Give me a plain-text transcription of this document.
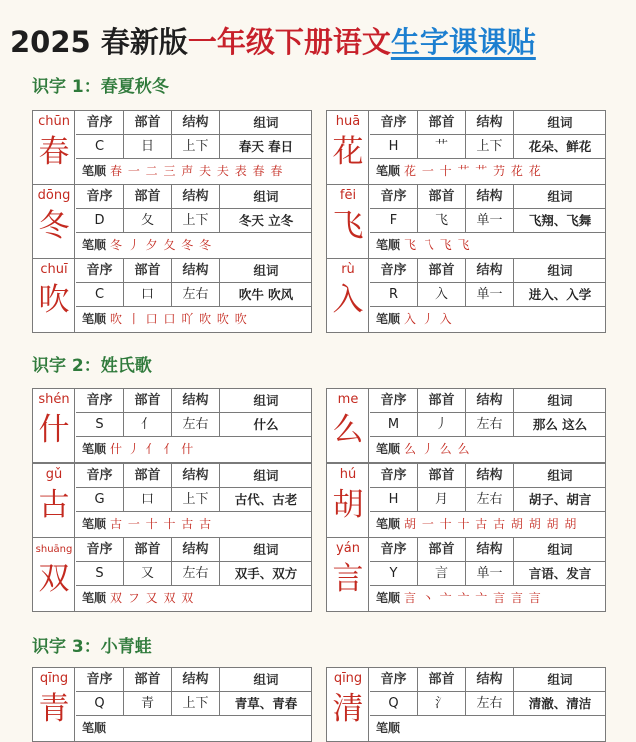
2025 春新版一年级下册语文生字课课贴
识字 1：春夏秋冬
识字 2：姓氏歌
识字 3：小青蛙
chūn
春
音序	部首	结构	组词
C	日	上下	春天 春日
笔顺 春 一 二 三 声 夫 夫 表 春 春
huā
花
音序	部首	结构	组词
H	艹	上下	花朵、鲜花
笔顺 花 一 十 艹 艹 芀 花 花
dōng
冬
音序	部首	结构	组词
D	夂	上下	冬天 立冬
笔顺 冬 丿 夕 夂 冬 冬
fēi
飞
音序	部首	结构	组词
F	飞	单一	飞翔、飞舞
笔顺 飞 乁 飞 飞
chuī
吹
音序	部首	结构	组词
C	口	左右	吹牛 吹风
笔顺 吹 丨 口 口 吖 吹 吹 吹
rù
入
音序	部首	结构	组词
R	入	单一	进入、入学
笔顺 入 丿 入
shén
什
音序	部首	结构	组词
S	亻	左右	什么
笔顺 什 丿 亻 亻 什
me
么
音序	部首	结构	组词
M	丿	左右	那么 这么
笔顺 么 丿 么 么
gǔ
古
音序	部首	结构	组词
G	口	上下	古代、古老
笔顺 古 一 十 十 古 古
hú
胡
音序	部首	结构	组词
H	月	左右	胡子、胡言
笔顺 胡 一 十 十 古 古 胡 胡 胡 胡
shuāng
双
音序	部首	结构	组词
S	又	左右	双手、双方
笔顺 双 フ 又 双 双
yán
言
音序	部首	结构	组词
Y	言	单一	言语、发言
笔顺 言 丶 亠 亠 亠 言 言 言
qīng
青
音序	部首	结构	组词
Q	青	上下	青草、青春
笔顺
qīng
清
音序	部首	结构	组词
Q	氵	左右	清澈、清洁
笔顺
